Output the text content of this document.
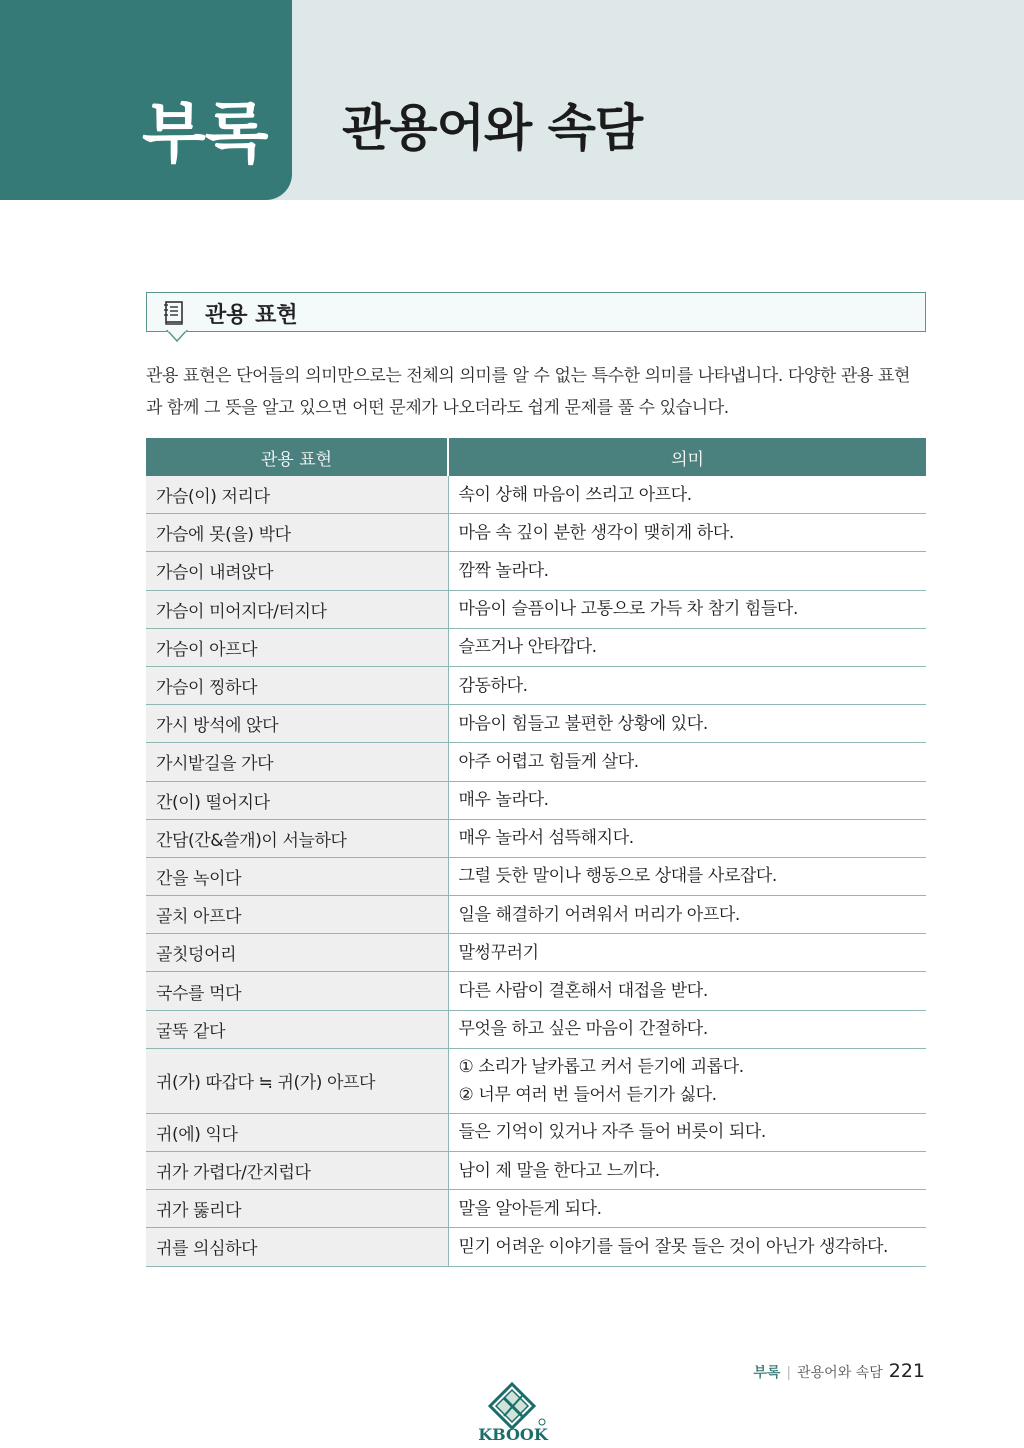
부록 관용어와 속담
관용 표현

관용 표현은 단어들의 의미만으로는 전체의 의미를 알 수 없는 특수한 의미를 나타냅니다. 다양한 관용 표현
과 함께 그 뜻을 알고 있으면 어떤 문제가 나오더라도 쉽게 문제를 풀 수 있습니다.

관용 표현	의미
가슴(이) 저리다	속이 상해 마음이 쓰리고 아프다.

가슴에 못(을) 박다	마음 속 깊이 분한 생각이 맺히게 하다.

가슴이 내려앉다	깜짝 놀라다.

가슴이 미어지다/터지다	마음이 슬픔이나 고통으로 가득 차 참기 힘들다.

가슴이 아프다	슬프거나 안타깝다.

가슴이 찡하다	감동하다.

가시 방석에 앉다	마음이 힘들고 불편한 상황에 있다.

가시밭길을 가다	아주 어렵고 힘들게 살다.

간(이) 떨어지다	매우 놀라다.

간담(간&쓸개)이 서늘하다	매우 놀라서 섬뜩해지다.

간을 녹이다	그럴 듯한 말이나 행동으로 상대를 사로잡다.

골치 아프다	일을 해결하기 어려워서 머리가 아프다.

골칫덩어리	말썽꾸러기

국수를 먹다	다른 사람이 결혼해서 대접을 받다.

굴뚝 같다	무엇을 하고 싶은 마음이 간절하다.

귀(가) 따갑다 ≒ 귀(가) 아프다	① 소리가 날카롭고 커서 듣기에 괴롭다.
② 너무 여러 번 들어서 듣기가 싫다.

귀(에) 익다	들은 기억이 있거나 자주 들어 버릇이 되다.

귀가 가렵다/간지럽다	남이 제 말을 한다고 느끼다.

귀가 뚫리다	말을 알아듣게 되다.

귀를 의심하다	믿기 어려운 이야기를 들어 잘못 들은 것이 아닌가 생각하다.
부록 | 관용어와 속담 221
KBOOK
